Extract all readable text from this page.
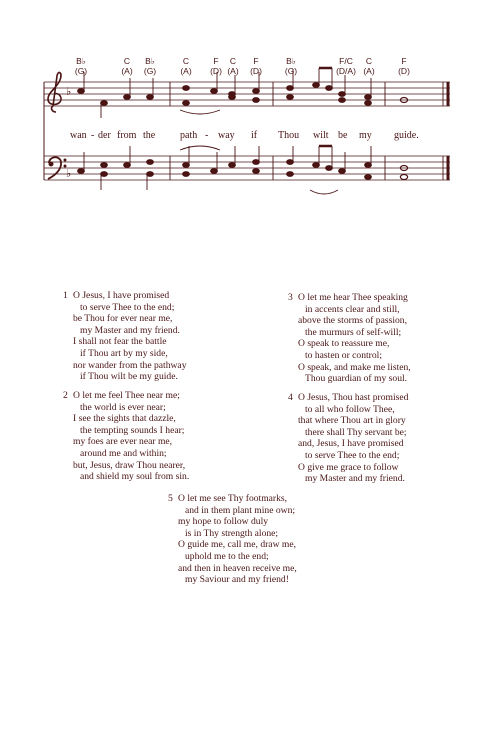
♭
♭
B♭
(G)
C
(A)
B♭
(G)
C
(A)
F
(D)
C
(A)
F
(D)
B♭
(G)
F/C
(D/A)
C
(A)
F
(D)
wan - der from the path - way if Thou wilt be my guide.
1 O Jesus, I have promised
to serve Thee to the end;
be Thou for ever near me,
my Master and my friend.
I shall not fear the battle
if Thou art by my side,
nor wander from the pathway
if Thou wilt be my guide.
2 O let me feel Thee near me;
the world is ever near;
I see the sights that dazzle,
the tempting sounds I hear;
my foes are ever near me,
around me and within;
but, Jesus, draw Thou nearer,
and shield my soul from sin.
3 O let me hear Thee speaking
in accents clear and still,
above the storms of passion,
the murmurs of self-will;
O speak to reassure me,
to hasten or control;
O speak, and make me listen,
Thou guardian of my soul.
4 O Jesus, Thou hast promised
to all who follow Thee,
that where Thou art in glory
there shall Thy servant be;
and, Jesus, I have promised
to serve Thee to the end;
O give me grace to follow
my Master and my friend.
5 O let me see Thy footmarks,
and in them plant mine own;
my hope to follow duly
is in Thy strength alone;
O guide me, call me, draw me,
uphold me to the end;
and then in heaven receive me,
my Saviour and my friend!
